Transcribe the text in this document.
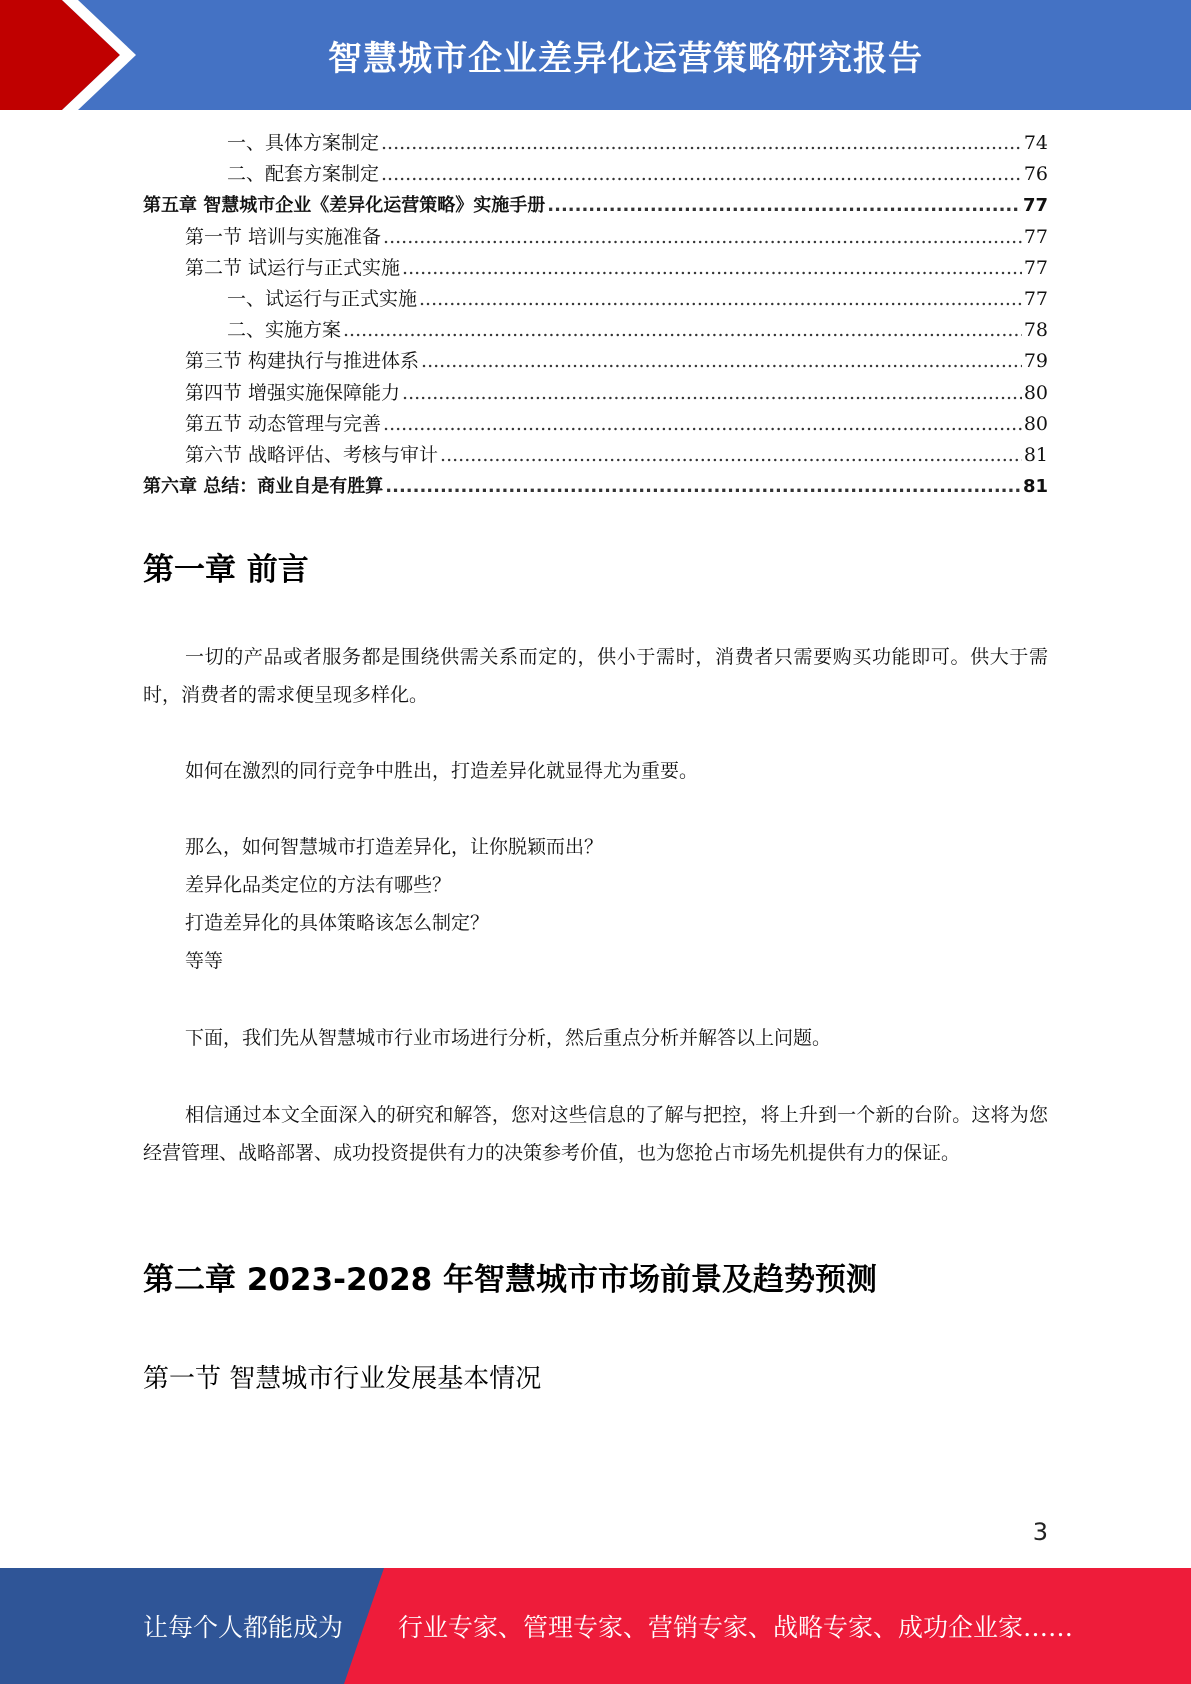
智慧城市企业差异化运营策略研究报告
一、具体方案制定 .....	74
二、配套方案制定 .....	76
第五章 智慧城市企业《差异化运营策略》实施手册 .....	77
第一节 培训与实施准备 .....	77
第二节 试运行与正式实施 .....	77
一、试运行与正式实施 .....	77
二、实施方案 .....	78
第三节 构建执行与推进体系 .....	79
第四节 增强实施保障能力 .....	80
第五节 动态管理与完善 .....	80
第六节 战略评估、考核与审计 .....	81
第六章 总结：商业自是有胜算 .....	81
第一章 前言

一切的产品或者服务都是围绕供需关系而定的，供小于需时，消费者只需要购买功能即可。供大于需时，消费者的需求便呈现多样化。

如何在激烈的同行竞争中胜出，打造差异化就显得尤为重要。

那么，如何智慧城市打造差异化，让你脱颖而出？

差异化品类定位的方法有哪些？

打造差异化的具体策略该怎么制定？

等等

下面，我们先从智慧城市行业市场进行分析，然后重点分析并解答以上问题。

相信通过本文全面深入的研究和解答，您对这些信息的了解与把控，将上升到一个新的台阶。这将为您经营管理、战略部署、成功投资提供有力的决策参考价值，也为您抢占市场先机提供有力的保证。

第二章 2023-2028 年智慧城市市场前景及趋势预测
第一节 智慧城市行业发展基本情况
3
让每个人都能成为 行业专家、管理专家、营销专家、战略专家、成功企业家……
